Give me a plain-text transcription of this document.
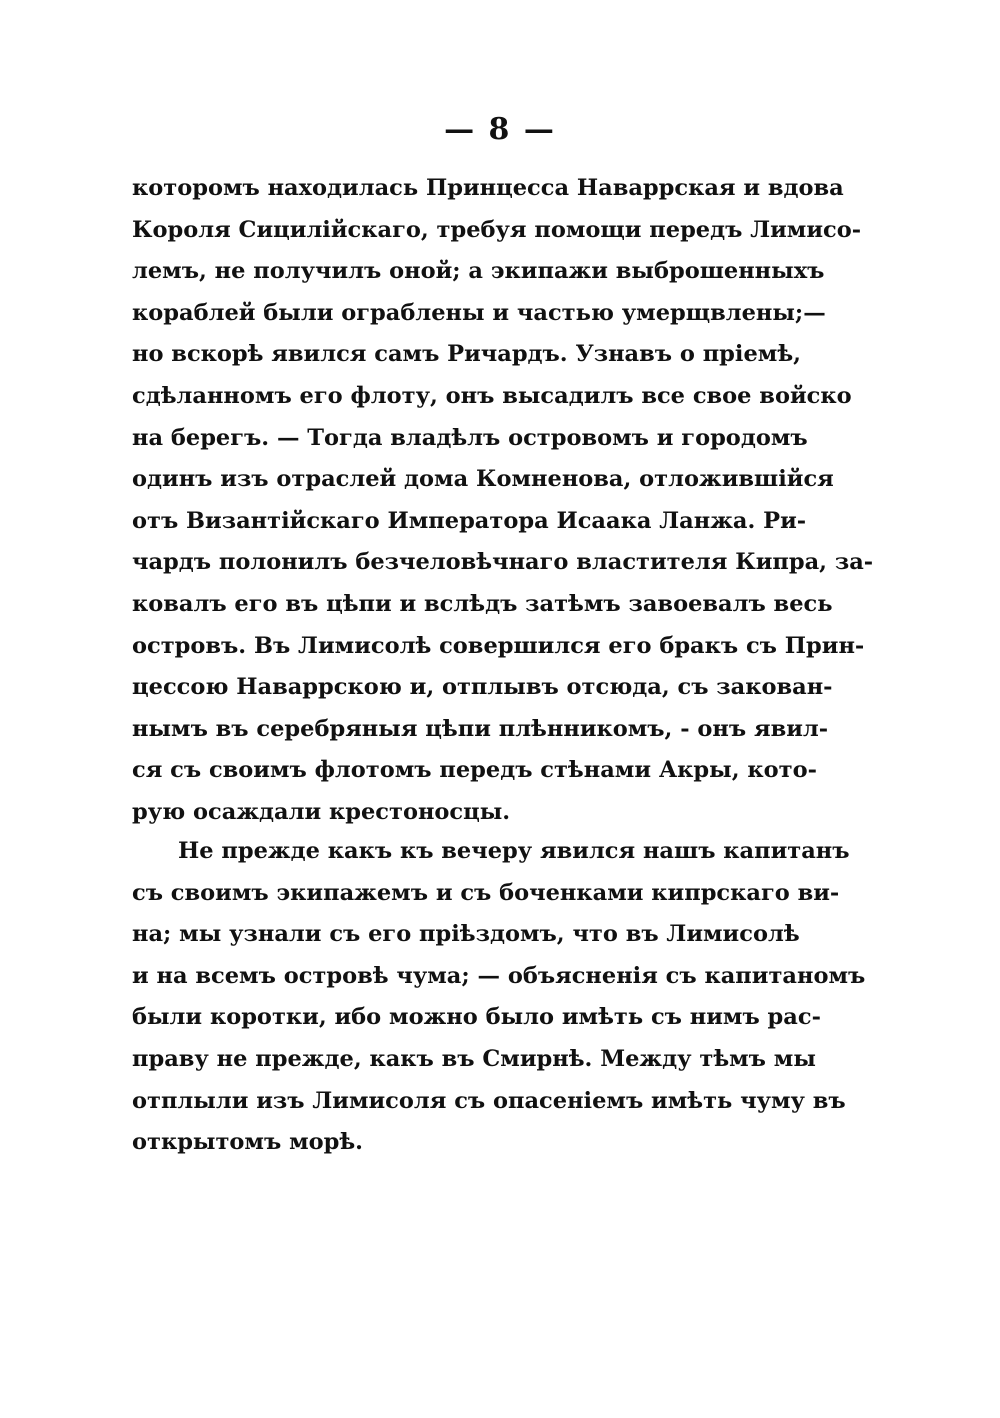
— 8 —
которомъ находилась Принцесса Наваррская и вдова
Короля Сицилійскаго, требуя помощи передъ Лимисо-
лемъ, не получилъ оной; а экипажи выброшенныхъ
кораблей были ограблены и частью умерщвлены;—
но вскорѣ явился самъ Ричардъ. Узнавъ о пріемѣ,
сдѣланномъ его флоту, онъ высадилъ все свое войско
на берегъ. — Тогда владѣлъ островомъ и городомъ
одинъ изъ отраслей дома Комненова, отложившійся
отъ Византійскаго Императора Исаака Ланжа. Ри-
чардъ полонилъ безчеловѣчнаго властителя Кипра, за-
ковалъ его въ цѣпи и вслѣдъ затѣмъ завоевалъ весь
островъ. Въ Лимисолѣ совершился его бракъ съ Прин-
цессою Наваррскою и, отплывъ отсюда, съ закован-
нымъ въ серебряныя цѣпи плѣнникомъ, - онъ явил-
ся съ своимъ флотомъ передъ стѣнами Акры, кото-
рую осаждали крестоносцы.
Не прежде какъ къ вечеру явился нашъ капитанъ
съ своимъ экипажемъ и съ боченками кипрскаго ви-
на; мы узнали съ его пріѣздомъ, что въ Лимисолѣ
и на всемъ островѣ чума; — объясненія съ капитаномъ
были коротки, ибо можно было имѣть съ нимъ рас-
праву не прежде, какъ въ Смирнѣ. Между тѣмъ мы
отплыли изъ Лимисоля съ опасеніемъ имѣть чуму въ
открытомъ морѣ.
